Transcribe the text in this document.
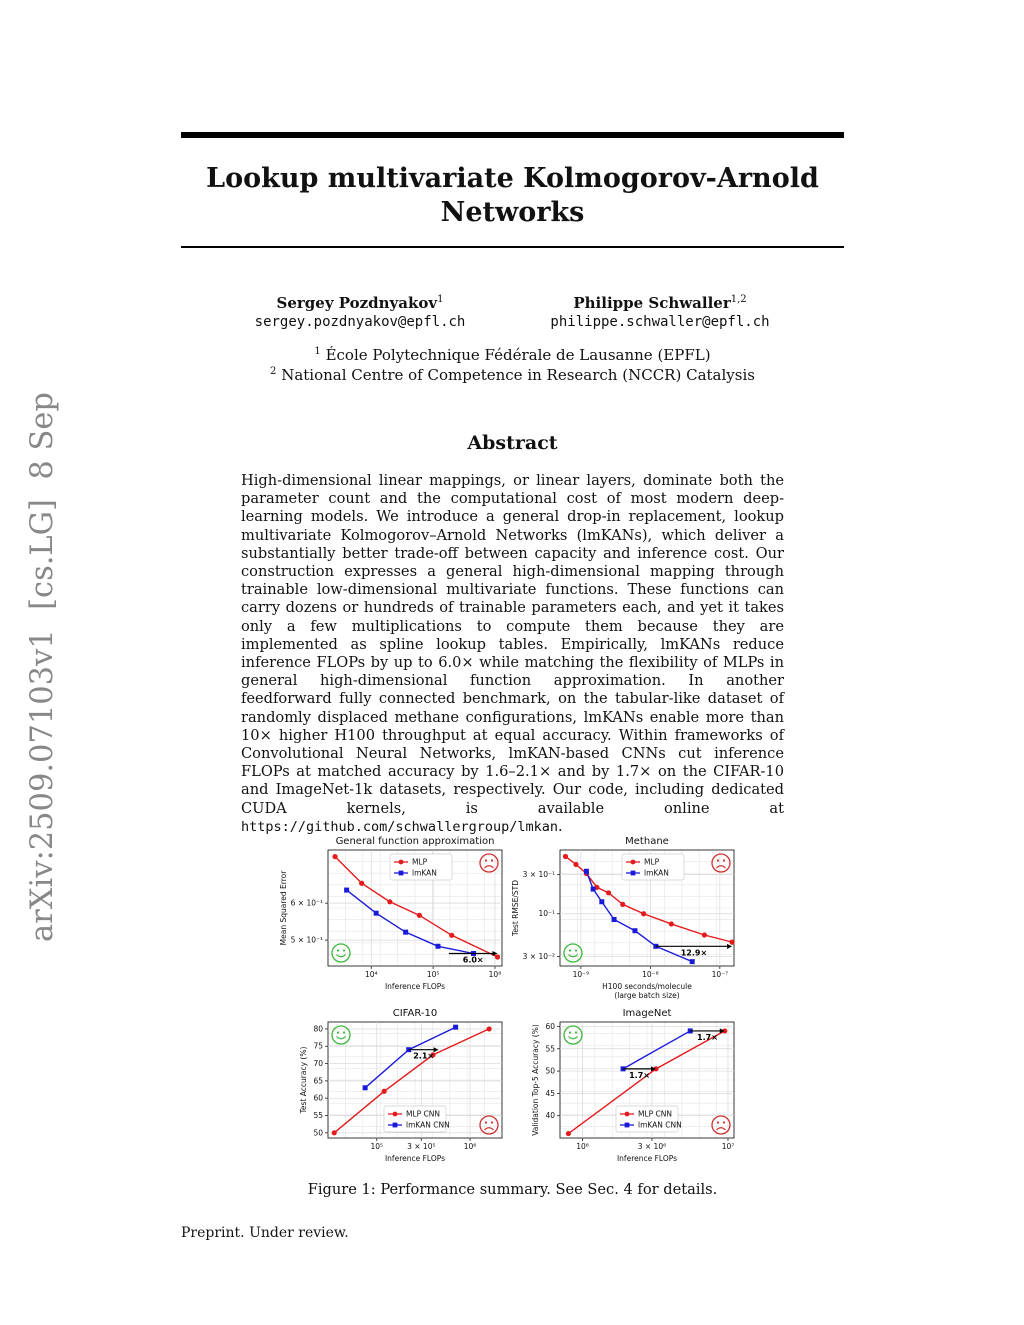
arXiv:2509.07103v1  [cs.LG]  8 Sep 2025
Lookup multivariate Kolmogorov-Arnold
Networks
Sergey Pozdnyakov$^1$
sergey.pozdnyakov@epfl.ch
Philippe Schwaller$^{1,2}$
philippe.schwaller@epfl.ch
$^1$ École Polytechnique Fédérale de Lausanne (EPFL)
$^2$ National Centre of Competence in Research (NCCR) Catalysis
Abstract
High-dimensional linear mappings, or linear layers, dominate both the parameter count and the computational cost of most modern deep-learning models. We introduce a general drop-in replacement, lookup multivariate Kolmogorov–Arnold Networks (lmKANs), which deliver a substantially better trade-off between capacity and inference cost. Our construction expresses a general high-dimensional mapping through trainable low-dimensional multivariate functions. These functions can carry dozens or hundreds of trainable parameters each, and yet it takes only a few multiplications to compute them because they are implemented as spline lookup tables. Empirically, lmKANs reduce inference FLOPs by up to 6.0× while matching the flexibility of MLPs in general high-dimensional function approximation. In another feedforward fully connected benchmark, on the tabular-like dataset of randomly displaced methane configurations, lmKANs enable more than 10× higher H100 throughput at equal accuracy. Within frameworks of Convolutional Neural Networks, lmKAN-based CNNs cut inference FLOPs at matched accuracy by 1.6–2.1× and by 1.7× on the CIFAR-10 and ImageNet-1k datasets, respectively. Our code, including dedicated CUDA kernels, is available online at https://github.com/schwallergroup/lmkan.
General function approximation
10⁴	10⁵	10⁶
6 × 10⁻¹
5 × 10⁻¹
Inference FLOPs
Mean Squared Error
6.0×
MLP
lmKAN
Methane
10⁻⁹	10⁻⁸	10⁻⁷
3 × 10⁻¹
10⁻¹
3 × 10⁻²
H100 seconds/molecule
(large batch size)
Test RMSE/STD
12.9×
MLP
lmKAN
CIFAR-10
10⁵	3 × 10⁵	10⁶
80
75
70
65
60
55
50
Inference FLOPs
Test Accuracy (%)	2.1×
MLP CNN
lmKAN CNN
ImageNet
10⁶	3 × 10⁶	10⁷
60
55
50
45
40
Inference FLOPs
Validation Top-5 Accuracy (%)	1.7×
1.7×
MLP CNN
lmKAN CNN
Figure 1: Performance summary. See Sec. 4 for details.
Preprint. Under review.
